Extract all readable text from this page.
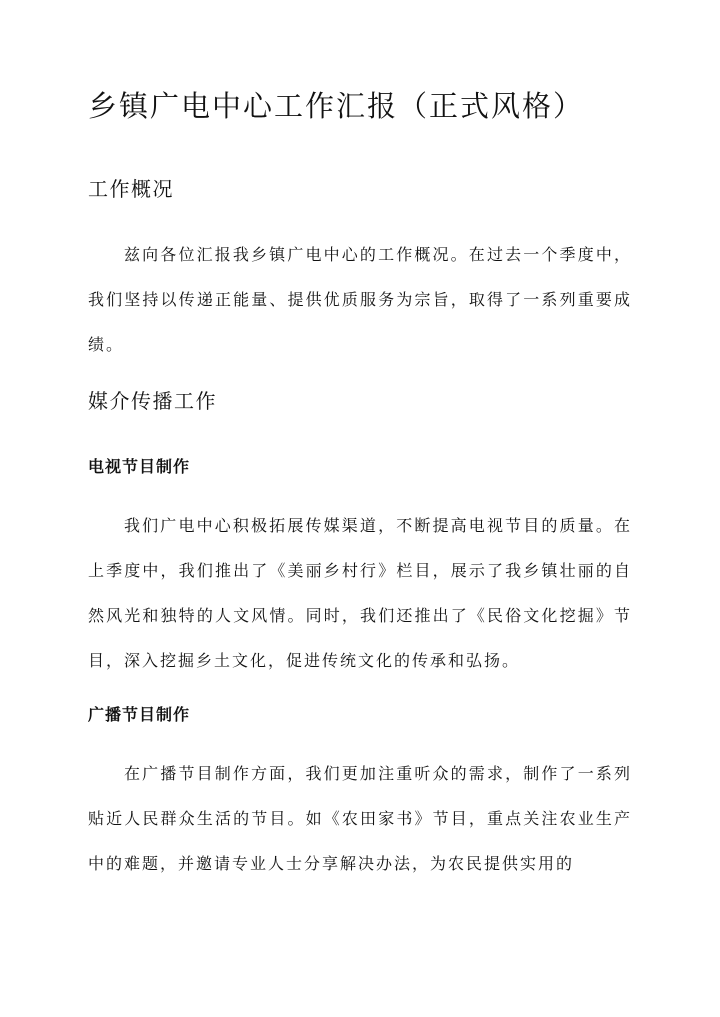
乡镇广电中心工作汇报（正式风格）
工作概况

兹向各位汇报我乡镇广电中心的工作概况。在过去一个季度中，我们坚持以传递正能量、提供优质服务为宗旨，取得了一系列重要成绩。

媒介传播工作
电视节目制作

我们广电中心积极拓展传媒渠道，不断提高电视节目的质量。在上季度中，我们推出了《美丽乡村行》栏目，展示了我乡镇壮丽的自然风光和独特的人文风情。同时，我们还推出了《民俗文化挖掘》节目，深入挖掘乡土文化，促进传统文化的传承和弘扬。

广播节目制作

在广播节目制作方面，我们更加注重听众的需求，制作了一系列贴近人民群众生活的节目。如《农田家书》节目，重点关注农业生产中的难题，并邀请专业人士分享解决办法，为农民提供实用的
